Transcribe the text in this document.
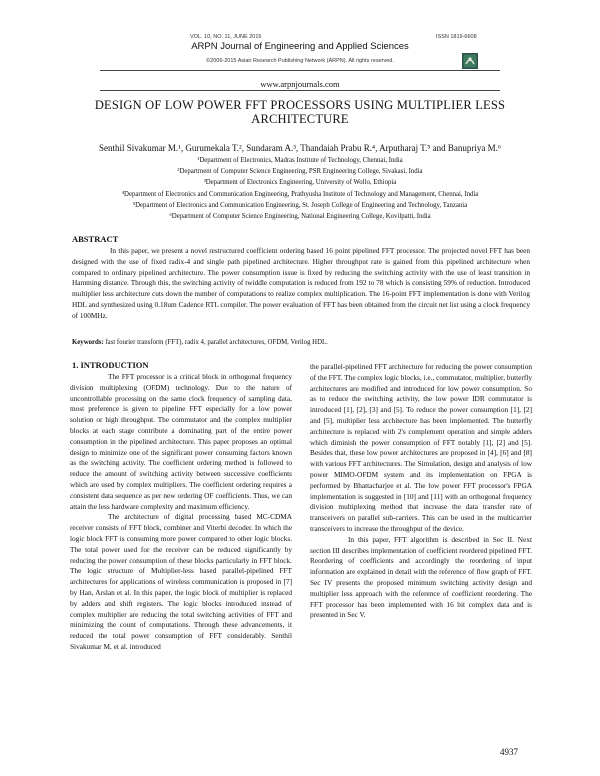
VOL. 10, NO. 11, JUNE 2015	ISSN 1819-6608
ARPN Journal of Engineering and Applied Sciences
©2006-2015 Asian Research Publishing Network (ARPN). All rights reserved.
www.arpnjournals.com
DESIGN OF LOW POWER FFT PROCESSORS USING MULTIPLIER LESS ARCHITECTURE
Senthil Sivakumar M.¹, Gurumekala T.², Sundaram A.³, Thandaiah Prabu R.⁴, Arputharaj T.⁵ and Banupriya M.⁶
¹Department of Electronics, Madras Institute of Technology, Chennai, India
²Department of Computer Science Engineering, PSR Engineering College, Sivakasi, India
³Department of Electronics Engineering, University of Wollo, Ethiopia
⁴Department of Electronics and Communication Engineering, Prathyusha Institute of Technology and Management, Chennai, India
⁵Department of Electronics and Communication Engineering, St. Joseph College of Engineering and Technology, Tanzania
⁶Department of Computer Science Engineering, National Engineering College, Kovilpatti, India
ABSTRACT
In this paper, we present a novel restructured coefficient ordering based 16 point pipelined FFT processor. The projected novel FFT has been designed with the use of fixed radix-4 and single path pipelined architecture. Higher throughput rate is gained from this pipelined architecture when compared to ordinary pipelined architecture. The power consumption issue is fixed by reducing the switching activity with the use of least transition in Hamming distance. Through this, the switching activity of twiddle computation is reduced from 192 to 78 which is consisting 59% of reduction. Introduced multiplier less architecture cuts down the number of computations to realize complex multiplication. The 16-point FFT implementation is done with Verilog HDL and synthesized using 0.18um Cadence RTL compiler. The power evaluation of FFT has been obtained from the circuit net list using a clock frequency of 100MHz.
Keywords: fast fourier transform (FFT), radix 4, parallel architectures, OFDM, Verilog HDL.
1. INTRODUCTION

The FFT processor is a critical block in orthogonal frequency division multiplexing (OFDM) technology. Due to the nature of uncontrollable processing on the same clock frequency of sampling data, most preference is given to pipeline FFT especially for a low power solution or high throughput. The commutator and the complex multiplier blocks at each stage contribute a dominating part of the entire power consumption in the pipelined architecture. This paper proposes an optimal design to minimize one of the significant power consuming factors known as the switching activity. The coefficient ordering method is followed to reduce the amount of switching activity between successive coefficients which are used by complex multipliers. The coefficient ordering requires a consistent data sequence as per new ordering OF coefficients. Thus, we can attain the less hardware complexity and maximum efficiency.

The architecture of digital processing based MC-CDMA receiver consists of FFT block, combiner and Viterbi decoder. In which the logic block FFT is consuming more power compared to other logic blocks. The total power used for the receiver can be reduced significantly by reducing the power consumption of these blocks particularly in FFT block. The logic structure of Multiplier-less based parallel-pipelined FFT architectures for applications of wireless communication is proposed in [7] by Han, Arslan et al. In this paper, the logic block of multiplier is replaced by adders and shift registers. The logic blocks introduced instead of complex multiplier are reducing the total switching activities of FFT and minimizing the count of computations. Through these advancements, it reduced the total power consumption of FFT considerably. Senthil Sivakumar M, et al. introduced

the parallel-pipelined FFT architecture for reducing the power consumption of the FFT. The complex logic blocks, i.e., commutator, multiplier, butterfly architectures are modified and introduced for low power consumption. So as to reduce the switching activity, the low power IDR commutator is introduced [1], [2], [3] and [5]. To reduce the power consumption [1], [2] and [5], multiplier less architecture has been implemented. The butterfly architecture is replaced with 2's complement operation and simple adders which diminish the power consumption of FFT notably [1], [2] and [5]. Besides that, these low power architectures are proposed in [4], [6] and [8] with various FFT architectures. The Simulation, design and analysis of low power MIMO-OFDM system and its implementation on FPGA is performed by Bhattacharjee et al. The low power FFT processor's FPGA implementation is suggested in [10] and [11] with an orthogonal frequency division multiplexing method that increase the data transfer rate of transceivers on parallel sub-carriers. This can be used in the multicarrier transceivers to increase the throughput of the device.

In this paper, FFT algorithm is described in Sec II. Next section III describes implementation of coefficient reordered pipelined FFT. Reordering of coefficients and accordingly the reordering of input information are explained in detail with the reference of flow graph of FFT. Sec IV presents the proposed minimum switching activity design and multiplier less approach with the reference of coefficient reordering. The FFT processor has been implemented with 16 bit complex data and is presented in Sec V.

4937
